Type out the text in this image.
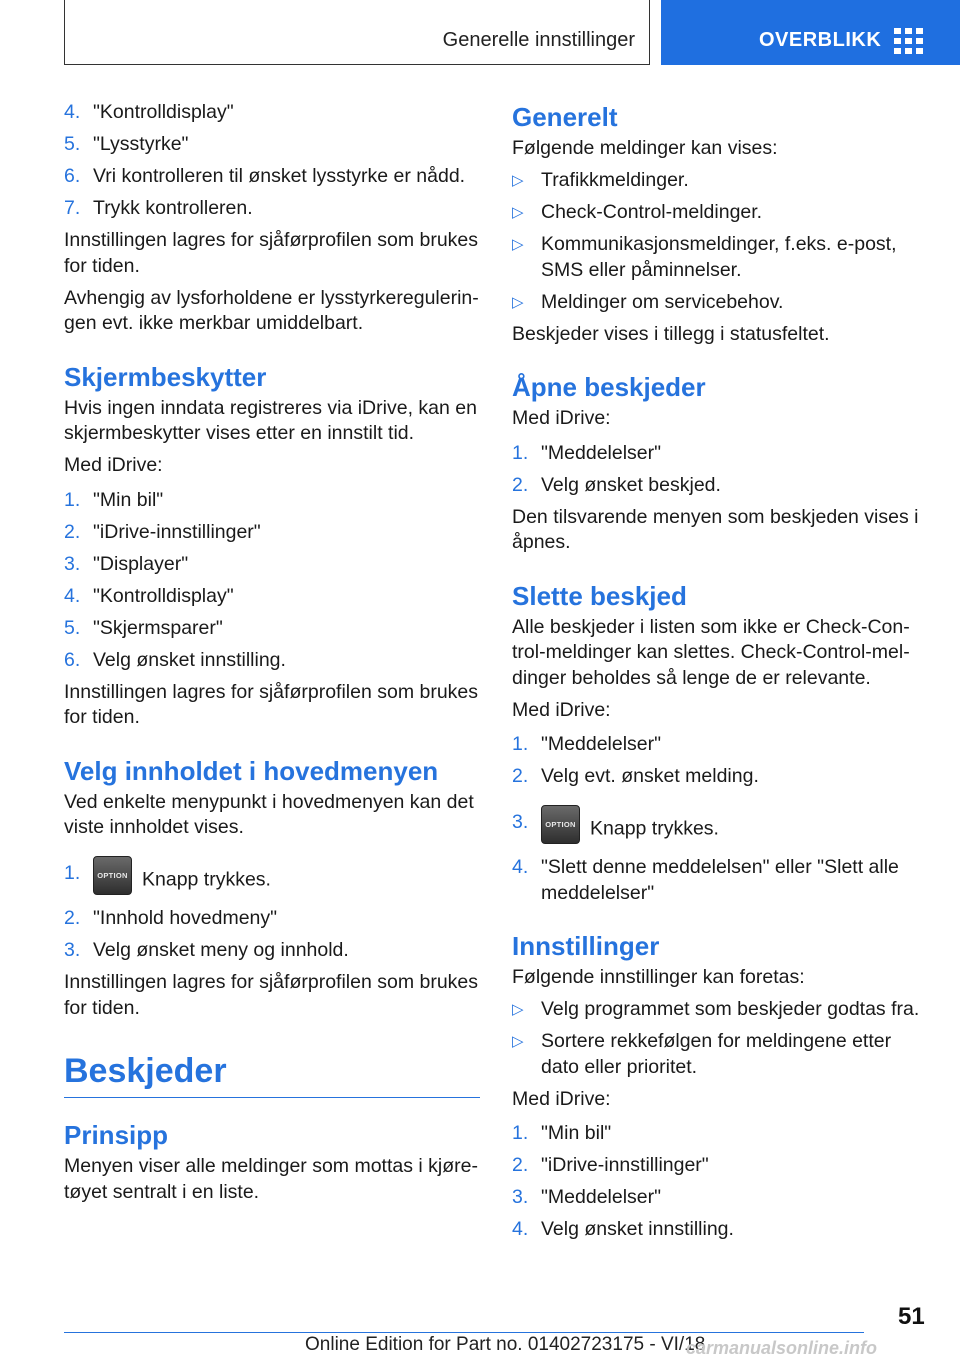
Generelle innstillinger	OVERBLIKK
4. "Kontrolldisplay"
5. "Lysstyrke"
6. Vri kontrolleren til ønsket lysstyrke er nådd.
7. Trykk kontrolleren.

Innstillingen lagres for sjåførprofilen som brukes for tiden.

Avhengig av lysforholdene er lysstyrkeregulerin‐gen evt. ikke merkbar umiddelbart.

Skjermbeskytter

Hvis ingen inndata registreres via iDrive, kan en skjermbeskytter vises etter en innstilt tid.

Med iDrive:

1. "Min bil"
2. "iDrive-innstillinger"
3. "Displayer"
4. "Kontrolldisplay"
5. "Skjermsparer"
6. Velg ønsket innstilling.

Innstillingen lagres for sjåførprofilen som brukes for tiden.

Velg innholdet i hovedmenyen

Ved enkelte menypunkt i hovedmenyen kan det viste innholdet vises.

1. OPTION Knapp trykkes.
2. "Innhold hovedmeny"
3. Velg ønsket meny og innhold.

Innstillingen lagres for sjåførprofilen som brukes for tiden.

Beskjeder
Prinsipp

Menyen viser alle meldinger som mottas i kjøre‐tøyet sentralt i en liste.

Generelt

Følgende meldinger kan vises:

▷ Trafikkmeldinger.
▷ Check-Control-meldinger.
▷ Kommunikasjonsmeldinger, f.eks. e-post, SMS eller påminnelser.
▷ Meldinger om servicebehov.

Beskjeder vises i tillegg i statusfeltet.

Åpne beskjeder

Med iDrive:

1. "Meddelelser"
2. Velg ønsket beskjed.

Den tilsvarende menyen som beskjeden vises i åpnes.

Slette beskjed

Alle beskjeder i listen som ikke er Check-Con‐trol-meldinger kan slettes. Check-Control-mel‐dinger beholdes så lenge de er relevante.

Med iDrive:

1. "Meddelelser"
2. Velg evt. ønsket melding.
3. OPTION Knapp trykkes.
4. "Slett denne meddelelsen" eller "Slett alle meddelelser"
Innstillinger

Følgende innstillinger kan foretas:

▷ Velg programmet som beskjeder godtas fra.
▷ Sortere rekkefølgen for meldingene etter dato eller prioritet.

Med iDrive:

1. "Min bil"
2. "iDrive-innstillinger"
3. "Meddelelser"
4. Velg ønsket innstilling.
51
Online Edition for Part no. 01402723175 - VI/18
carmanualsonline.info
